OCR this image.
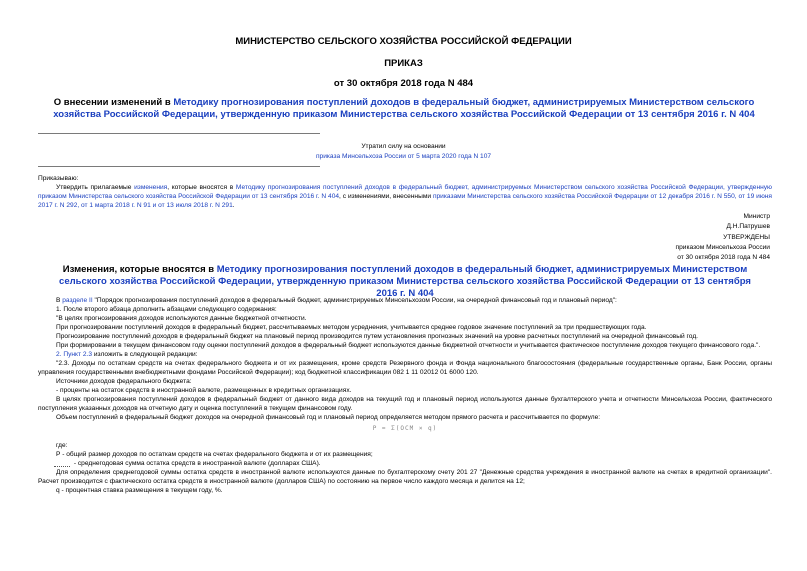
МИНИСТЕРСТВО СЕЛЬСКОГО ХОЗЯЙСТВА РОССИЙСКОЙ ФЕДЕРАЦИИ
ПРИКАЗ
от 30 октября 2018 года N 484
О внесении изменений в Методику прогнозирования поступлений доходов в федеральный бюджет, администрируемых Министерством сельского хозяйства Российской Федерации, утвержденную приказом Министерства сельского хозяйства Российской Федерации от 13 сентября 2016 г. N 404
Утратил силу на основании
приказа Минсельхоза России от 5 марта 2020 года N 107
Приказываю:
Утвердить прилагаемые изменения, которые вносятся в Методику прогнозирования поступлений доходов в федеральный бюджет, администрируемых Министерством сельского хозяйства Российской Федерации, утвержденную приказом Министерства сельского хозяйства Российской Федерации от 13 сентября 2016 г. N 404, с изменениями, внесенными приказами Министерства сельского хозяйства Российской Федерации от 12 декабря 2016 г. N 550, от 19 июня 2017 г. N 292, от 1 марта 2018 г. N 91 и от 13 июля 2018 г. N 291.
Министр
Д.Н.Патрушев
УТВЕРЖДЕНЫ
приказом Минсельхоза России
от 30 октября 2018 года N 484
Изменения, которые вносятся в Методику прогнозирования поступлений доходов в федеральный бюджет, администрируемых Министерством сельского хозяйства Российской Федерации, утвержденную приказом Министерства сельского хозяйства Российской Федерации от 13 сентября 2016 г. N 404

В разделе II "Порядок прогнозирования поступлений доходов в федеральный бюджет, администрируемых Минсельхозом России, на очередной финансовый год и плановый период":

1. После второго абзаца дополнить абзацами следующего содержания:

"В целях прогнозирования доходов используются данные бюджетной отчетности.

При прогнозировании поступлений доходов в федеральный бюджет, рассчитываемых методом усреднения, учитывается среднее годовое значение поступлений за три предшествующих года.

Прогнозирование поступлений доходов в федеральный бюджет на плановый период производится путем установления прогнозных значений на уровне расчетных поступлений на очередной финансовый год.

При формировании в текущем финансовом году оценки поступлений доходов в федеральный бюджет используются данные бюджетной отчетности и учитывается фактическое поступление доходов текущего финансового года.".

2. Пункт 2.3 изложить в следующей редакции:

"2.3. Доходы по остаткам средств на счетах федерального бюджета и от их размещения, кроме средств Резервного фонда и Фонда национального благосостояния (федеральные государственные органы, Банк России, органы управления государственными внебюджетными фондами Российской Федерации); код бюджетной классификации 082 1 11 02012 01 6000 120.

Источники доходов федерального бюджета:

- проценты на остаток средств в иностранной валюте, размещенных в кредитных организациях.

В целях прогнозирования поступлений доходов в федеральный бюджет от данного вида доходов на текущий год и плановый период используются данные бухгалтерского учета и отчетности Минсельхоза России, фактического поступления указанных доходов на отчетную дату и оценка поступлений в текущем финансовом году.

Объем поступлений в федеральный бюджет доходов на очередной финансовый год и плановый период определяется методом прямого расчета и рассчитывается по формуле:

P = Σ(ОСМ × q)

где:

Р - общий размер доходов по остаткам средств на счетах федерального бюджета и от их размещения;

- среднегодовая сумма остатка средств в иностранной валюте (долларах США).

Для определения среднегодовой суммы остатка средств в иностранной валюте используются данные по бухгалтерскому счету 201 27 "Денежные средства учреждения в иностранной валюте на счетах в кредитной организации". Расчет производится с фактического остатка средств в иностранной валюте (долларов США) по состоянию на первое число каждого месяца и делится на 12;

q - процентная ставка размещения в текущем году, %.
